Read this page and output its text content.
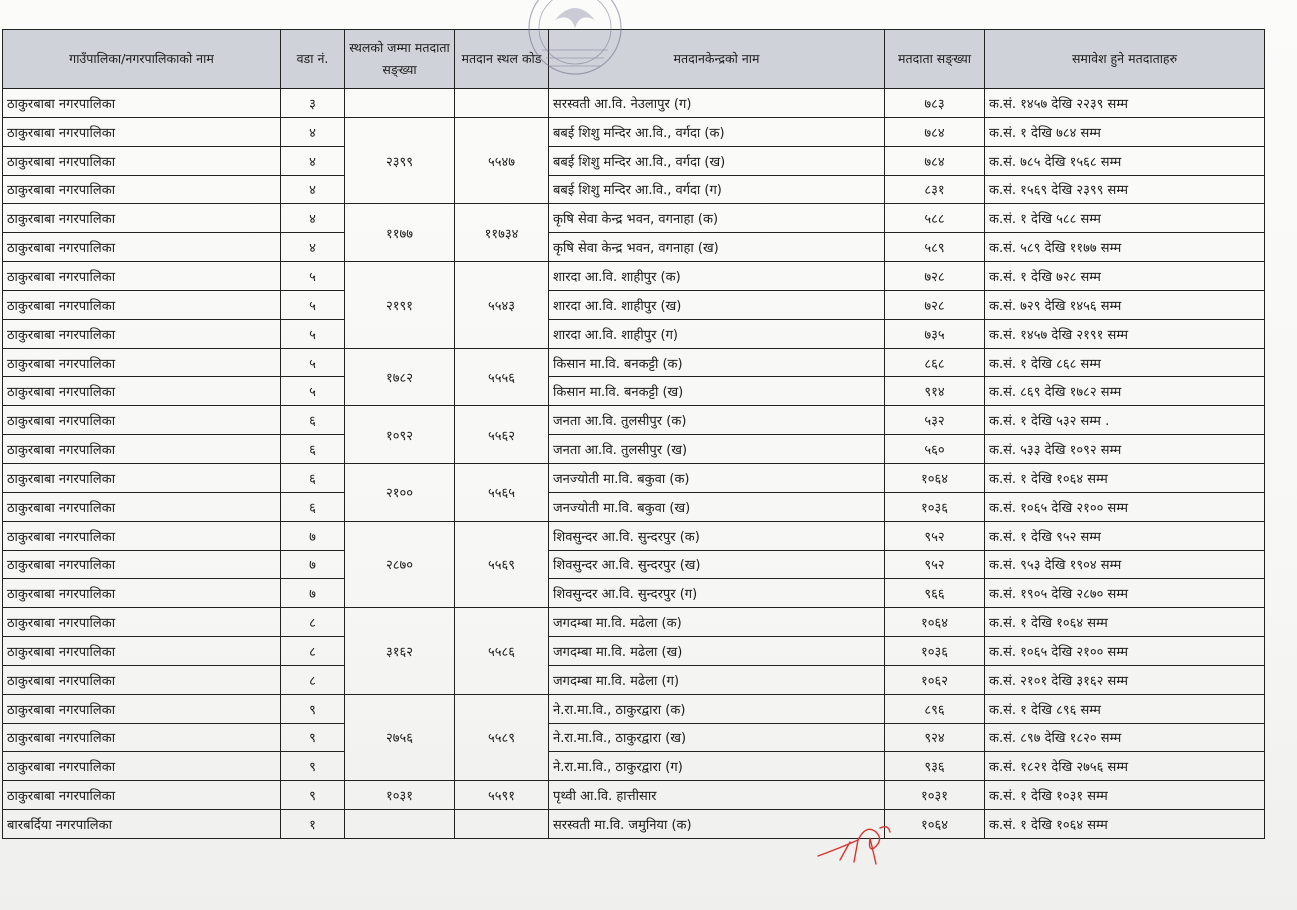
गाउँपालिका/नगरपालिकाको नाम	वडा नं.	स्थलको जम्मा मतदाता सङ्ख्या	मतदान स्थल कोड	मतदानकेन्द्रको नाम	मतदाता सङ्ख्या	समावेश हुने मतदाताहरु
ठाकुरबाबा नगरपालिका	३			सरस्वती आ.वि. नेउलापुर (ग)	७८३	क.सं. १४५७ देखि २२३९ सम्म
ठाकुरबाबा नगरपालिका	४	२३९९	५५४७	बबई शिशु मन्दिर आ.वि., वर्गदा (क)	७८४	क.सं. १ देखि ७८४ सम्म
ठाकुरबाबा नगरपालिका	४			बबई शिशु मन्दिर आ.वि., वर्गदा (ख)	७८४	क.सं. ७८५ देखि १५६८ सम्म
ठाकुरबाबा नगरपालिका	४			बबई शिशु मन्दिर आ.वि., वर्गदा (ग)	८३१	क.सं. १५६९ देखि २३९९ सम्म
ठाकुरबाबा नगरपालिका	४	११७७	११७३४	कृषि सेवा केन्द्र भवन, वगनाहा (क)	५८८	क.सं. १ देखि ५८८ सम्म
ठाकुरबाबा नगरपालिका	४			कृषि सेवा केन्द्र भवन, वगनाहा (ख)	५८९	क.सं. ५८९ देखि ११७७ सम्म
ठाकुरबाबा नगरपालिका	५	२१९१	५५४३	शारदा आ.वि. शाहीपुर (क)	७२८	क.सं. १ देखि ७२८ सम्म
ठाकुरबाबा नगरपालिका	५			शारदा आ.वि. शाहीपुर (ख)	७२८	क.सं. ७२९ देखि १४५६ सम्म
ठाकुरबाबा नगरपालिका	५			शारदा आ.वि. शाहीपुर (ग)	७३५	क.सं. १४५७ देखि २१९१ सम्म
ठाकुरबाबा नगरपालिका	५	१७८२	५५५६	किसान मा.वि. बनकट्टी (क)	८६८	क.सं. १ देखि ८६८ सम्म
ठाकुरबाबा नगरपालिका	५			किसान मा.वि. बनकट्टी (ख)	९१४	क.सं. ८६९ देखि १७८२ सम्म
ठाकुरबाबा नगरपालिका	६	१०९२	५५६२	जनता आ.वि. तुलसीपुर (क)	५३२	क.सं. १ देखि ५३२ सम्म .
ठाकुरबाबा नगरपालिका	६			जनता आ.वि. तुलसीपुर (ख)	५६०	क.सं. ५३३ देखि १०९२ सम्म
ठाकुरबाबा नगरपालिका	६	२१००	५५६५	जनज्योती मा.वि. बकुवा (क)	१०६४	क.सं. १ देखि १०६४ सम्म
ठाकुरबाबा नगरपालिका	६			जनज्योती मा.वि. बकुवा (ख)	१०३६	क.सं. १०६५ देखि २१०० सम्म
ठाकुरबाबा नगरपालिका	७	२८७०	५५६९	शिवसुन्दर आ.वि. सुन्दरपुर (क)	९५२	क.सं. १ देखि ९५२ सम्म
ठाकुरबाबा नगरपालिका	७			शिवसुन्दर आ.वि. सुन्दरपुर (ख)	९५२	क.सं. ९५३ देखि १९०४ सम्म
ठाकुरबाबा नगरपालिका	७			शिवसुन्दर आ.वि. सुन्दरपुर (ग)	९६६	क.सं. १९०५ देखि २८७० सम्म
ठाकुरबाबा नगरपालिका	८	३१६२	५५८६	जगदम्बा मा.वि. मढेला (क)	१०६४	क.सं. १ देखि १०६४ सम्म
ठाकुरबाबा नगरपालिका	८			जगदम्बा मा.वि. मढेला (ख)	१०३६	क.सं. १०६५ देखि २१०० सम्म
ठाकुरबाबा नगरपालिका	८			जगदम्बा मा.वि. मढेला (ग)	१०६२	क.सं. २१०१ देखि ३१६२ सम्म
ठाकुरबाबा नगरपालिका	९	२७५६	५५८९	ने.रा.मा.वि., ठाकुरद्वारा (क)	८९६	क.सं. १ देखि ८९६ सम्म
ठाकुरबाबा नगरपालिका	९			ने.रा.मा.वि., ठाकुरद्वारा (ख)	९२४	क.सं. ८९७ देखि १८२० सम्म
ठाकुरबाबा नगरपालिका	९			ने.रा.मा.वि., ठाकुरद्वारा (ग)	९३६	क.सं. १८२१ देखि २७५६ सम्म
ठाकुरबाबा नगरपालिका	९	१०३१	५५९१	पृथ्वी आ.वि. हात्तीसार	१०३१	क.सं. १ देखि १०३१ सम्म
बारबर्दिया नगरपालिका	१			सरस्वती मा.वि. जमुनिया (क)	१०६४	क.सं. १ देखि १०६४ सम्म
